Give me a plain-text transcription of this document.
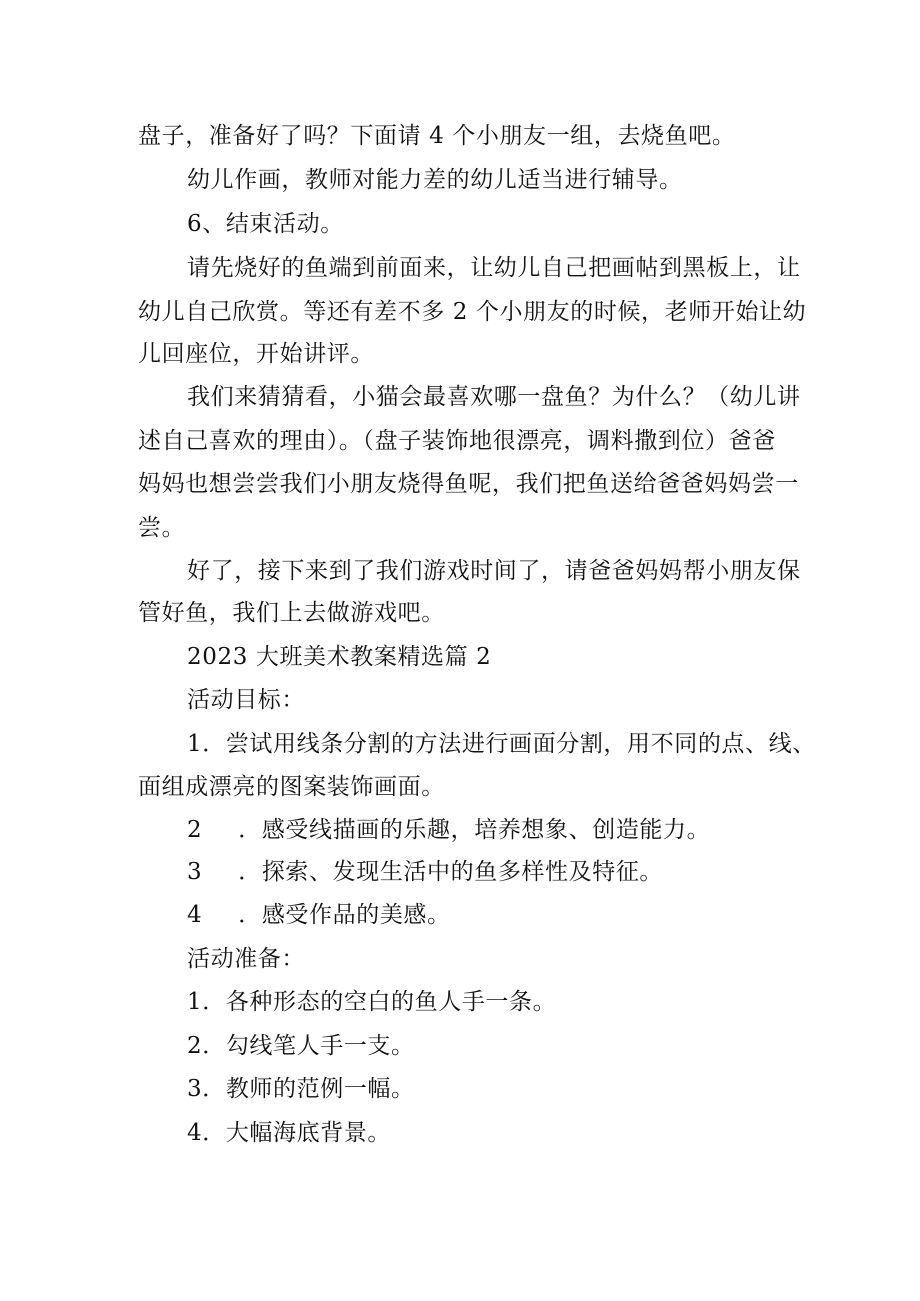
盘子，准备好了吗？下面请 4 个小朋友一组，去烧鱼吧。
幼儿作画，教师对能力差的幼儿适当进行辅导。
6、结束活动。
请先烧好的鱼端到前面来，让幼儿自己把画帖到黑板上，让
幼儿自己欣赏。等还有差不多 2 个小朋友的时候，老师开始让幼
儿回座位，开始讲评。
我们来猜猜看，小猫会最喜欢哪一盘鱼？为什么？（幼儿讲
述自己喜欢的理由）。（盘子装饰地很漂亮，调料撒到位）爸爸
妈妈也想尝尝我们小朋友烧得鱼呢，我们把鱼送给爸爸妈妈尝一
尝。
好了，接下来到了我们游戏时间了，请爸爸妈妈帮小朋友保
管好鱼，我们上去做游戏吧。
2023 大班美术教案精选篇 2
活动目标：
1．尝试用线条分割的方法进行画面分割，用不同的点、线、
面组成漂亮的图案装饰画面。
2 ．感受线描画的乐趣，培养想象、创造能力。
3 ．探索、发现生活中的鱼多样性及特征。
4 ．感受作品的美感。
活动准备：
1．各种形态的空白的鱼人手一条。
2．勾线笔人手一支。
3．教师的范例一幅。
4．大幅海底背景。
